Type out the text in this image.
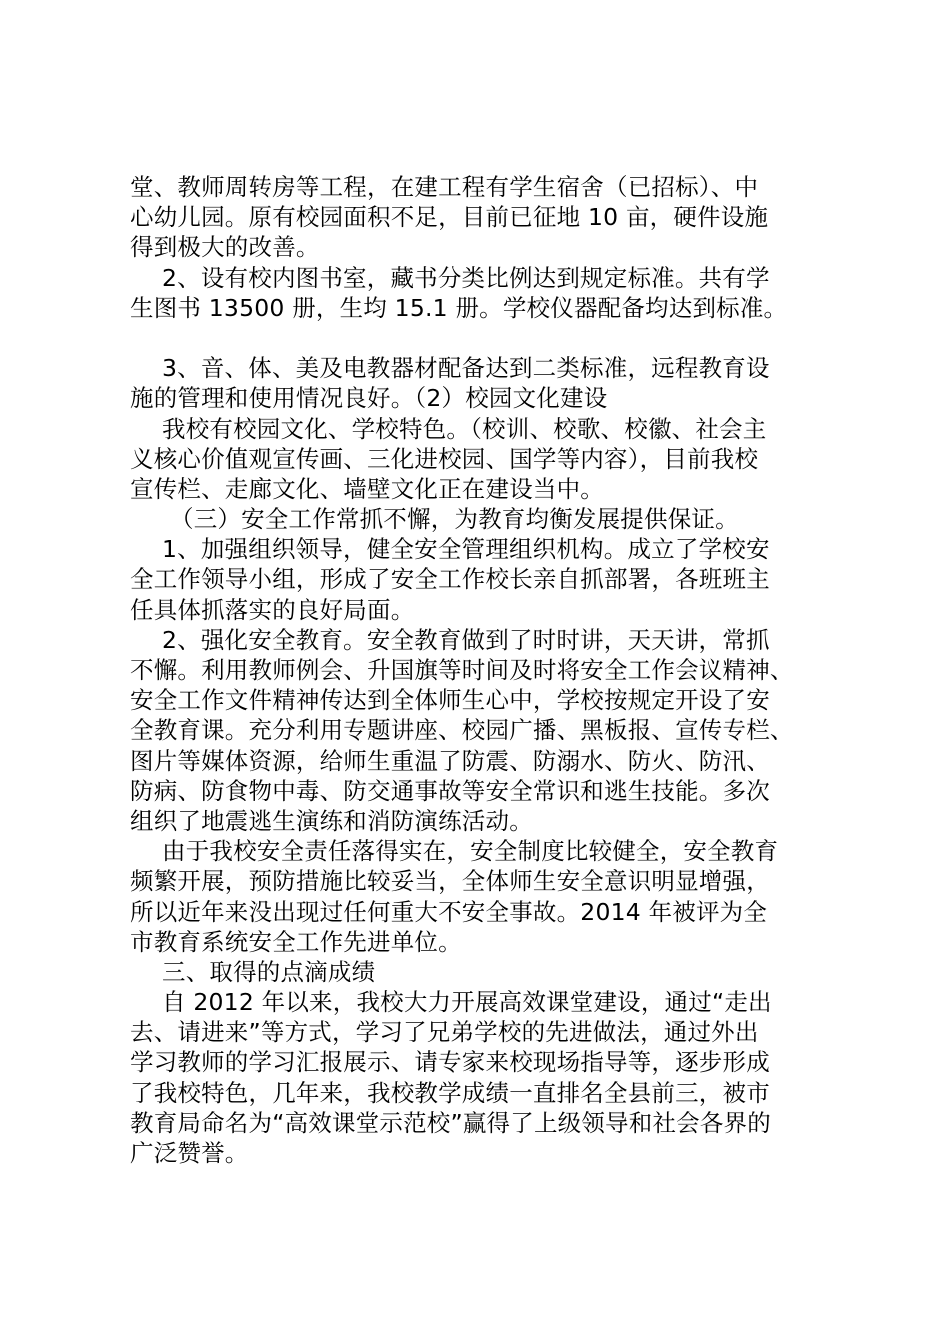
堂、教师周转房等工程，在建工程有学生宿舍（已招标）、中
心幼儿园。原有校园面积不足，目前已征地 10 亩，硬件设施
得到极大的改善。
2、设有校内图书室，藏书分类比例达到规定标准。共有学
生图书 13500 册，生均 15.1 册。学校仪器配备均达到标准。
3、音、体、美及电教器材配备达到二类标准，远程教育设
施的管理和使用情况良好。（2）校园文化建设
我校有校园文化、学校特色。（校训、校歌、校徽、社会主
义核心价值观宣传画、三化进校园、国学等内容），目前我校
宣传栏、走廊文化、墙壁文化正在建设当中。
（三）安全工作常抓不懈，为教育均衡发展提供保证。
1、加强组织领导，健全安全管理组织机构。成立了学校安
全工作领导小组，形成了安全工作校长亲自抓部署，各班班主
任具体抓落实的良好局面。
2、强化安全教育。安全教育做到了时时讲，天天讲，常抓
不懈。利用教师例会、升国旗等时间及时将安全工作会议精神、
安全工作文件精神传达到全体师生心中，学校按规定开设了安
全教育课。充分利用专题讲座、校园广播、黑板报、宣传专栏、
图片等媒体资源，给师生重温了防震、防溺水、防火、防汛、
防病、防食物中毒、防交通事故等安全常识和逃生技能。多次
组织了地震逃生演练和消防演练活动。
由于我校安全责任落得实在，安全制度比较健全，安全教育
频繁开展，预防措施比较妥当，全体师生安全意识明显增强，
所以近年来没出现过任何重大不安全事故。2014 年被评为全
市教育系统安全工作先进单位。
三、取得的点滴成绩
自 2012 年以来，我校大力开展高效课堂建设，通过“走出
去、请进来”等方式，学习了兄弟学校的先进做法，通过外出
学习教师的学习汇报展示、请专家来校现场指导等，逐步形成
了我校特色，几年来，我校教学成绩一直排名全县前三，被市
教育局命名为“高效课堂示范校”赢得了上级领导和社会各界的
广泛赞誉。
